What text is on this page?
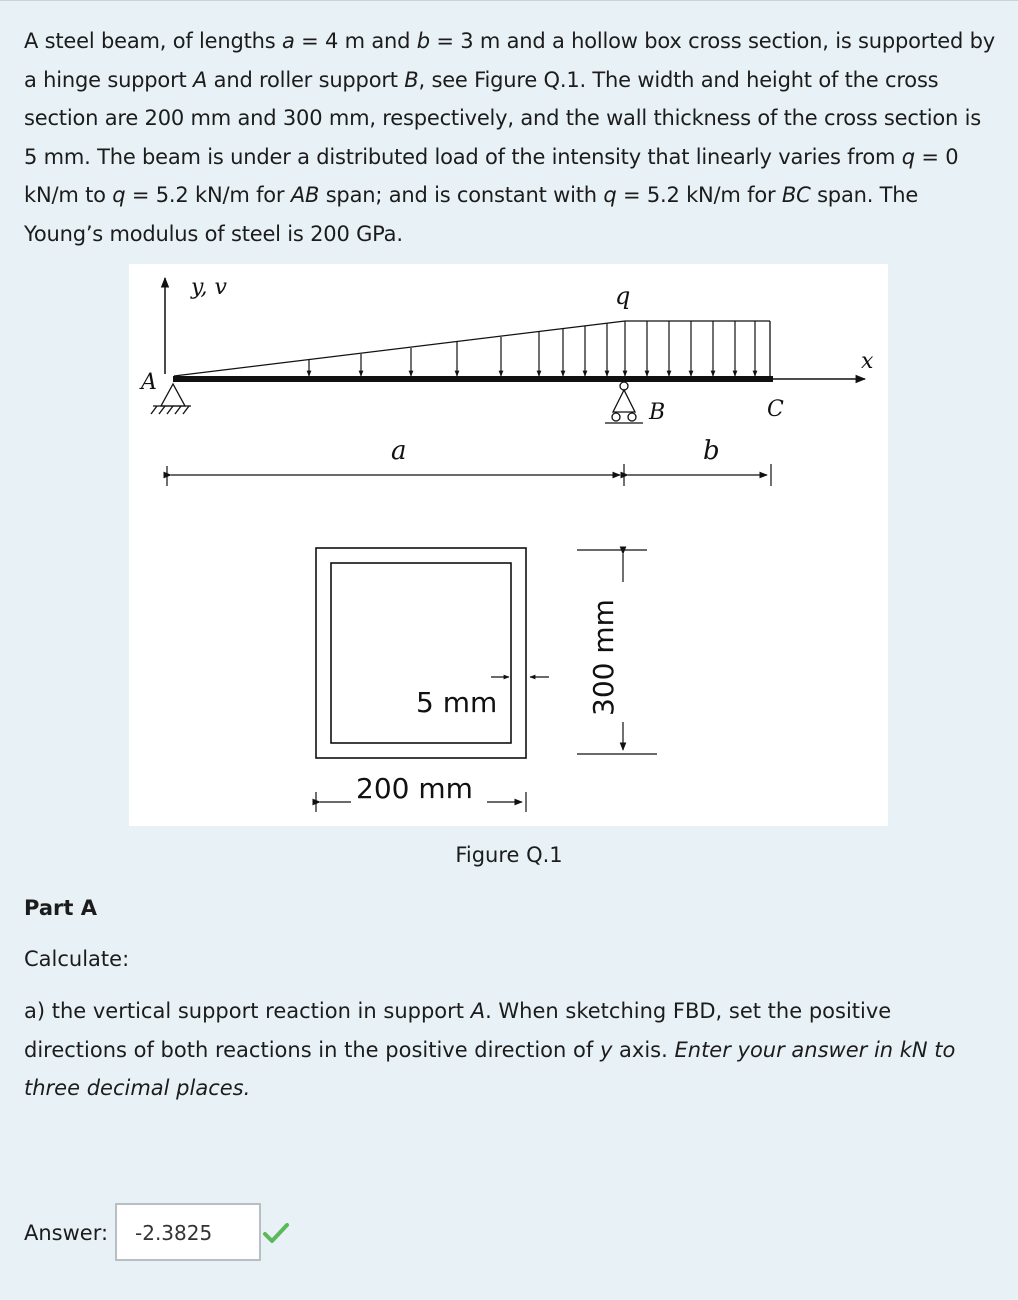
A steel beam, of lengths a = 4 m and b = 3 m and a hollow box cross section, is supported by a hinge support A and roller support B, see Figure Q.1. The width and height of the cross section are 200 mm and 300 mm, respectively, and the wall thickness of the cross section is 5 mm. The beam is under a distributed load of the intensity that linearly varies from q = 0 kN/m to q = 5.2 kN/m for AB span; and is constant with q = 5.2 kN/m for BC span. The Young’s modulus of steel is 200 GPa.
y, v
x
q
A
B	C
a	b
5 mm
200 mm
300 mm
Figure Q.1
Part A
Calculate:
a) the vertical support reaction in support A. When sketching FBD, set the positive directions of both reactions in the positive direction of y axis. Enter your answer in kN to three decimal places.
Answer:	-2.3825
